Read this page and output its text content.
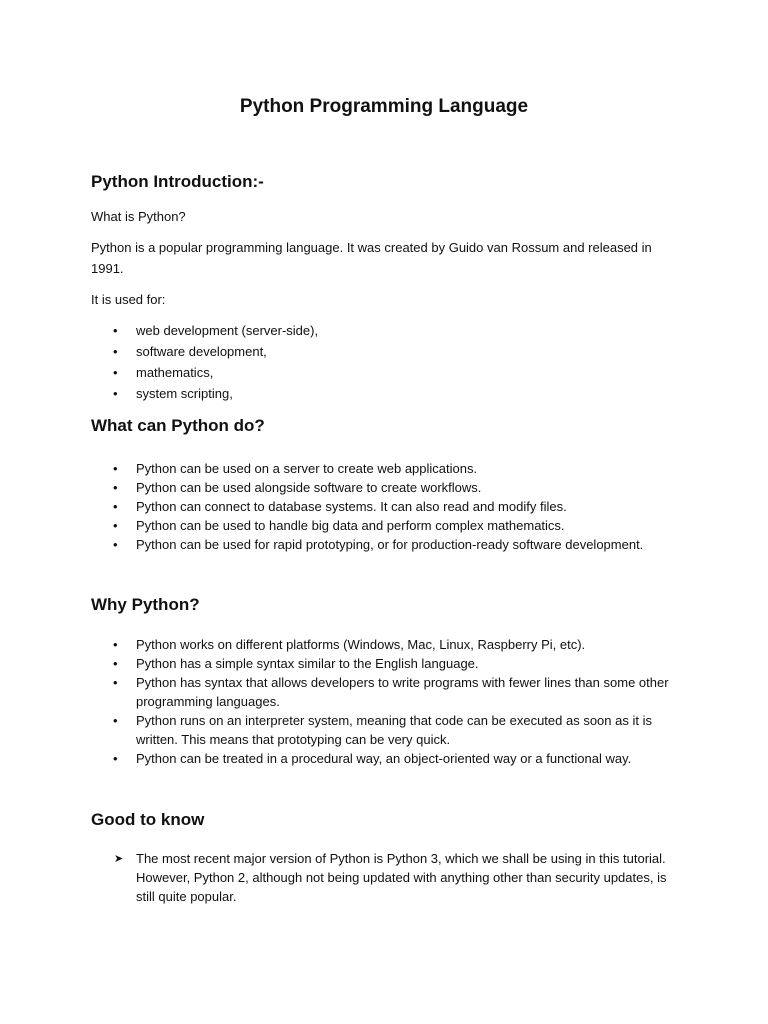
Python Programming Language
Python Introduction:-

What is Python?

Python is a popular programming language. It was created by Guido van Rossum and released in 1991.

It is used for:

• web development (server-side),
• software development,
• mathematics,
• system scripting,
What can Python do?
• Python can be used on a server to create web applications.
• Python can be used alongside software to create workflows.
• Python can connect to database systems. It can also read and modify files.
• Python can be used to handle big data and perform complex mathematics.
• Python can be used for rapid prototyping, or for production-ready software development.
Why Python?
• Python works on different platforms (Windows, Mac, Linux, Raspberry Pi, etc).
• Python has a simple syntax similar to the English language.
• Python has syntax that allows developers to write programs with fewer lines than some other programming languages.
• Python runs on an interpreter system, meaning that code can be executed as soon as it is written. This means that prototyping can be very quick.
• Python can be treated in a procedural way, an object-oriented way or a functional way.
Good to know
➤ The most recent major version of Python is Python 3, which we shall be using in this tutorial. However, Python 2, although not being updated with anything other than security updates, is still quite popular.
